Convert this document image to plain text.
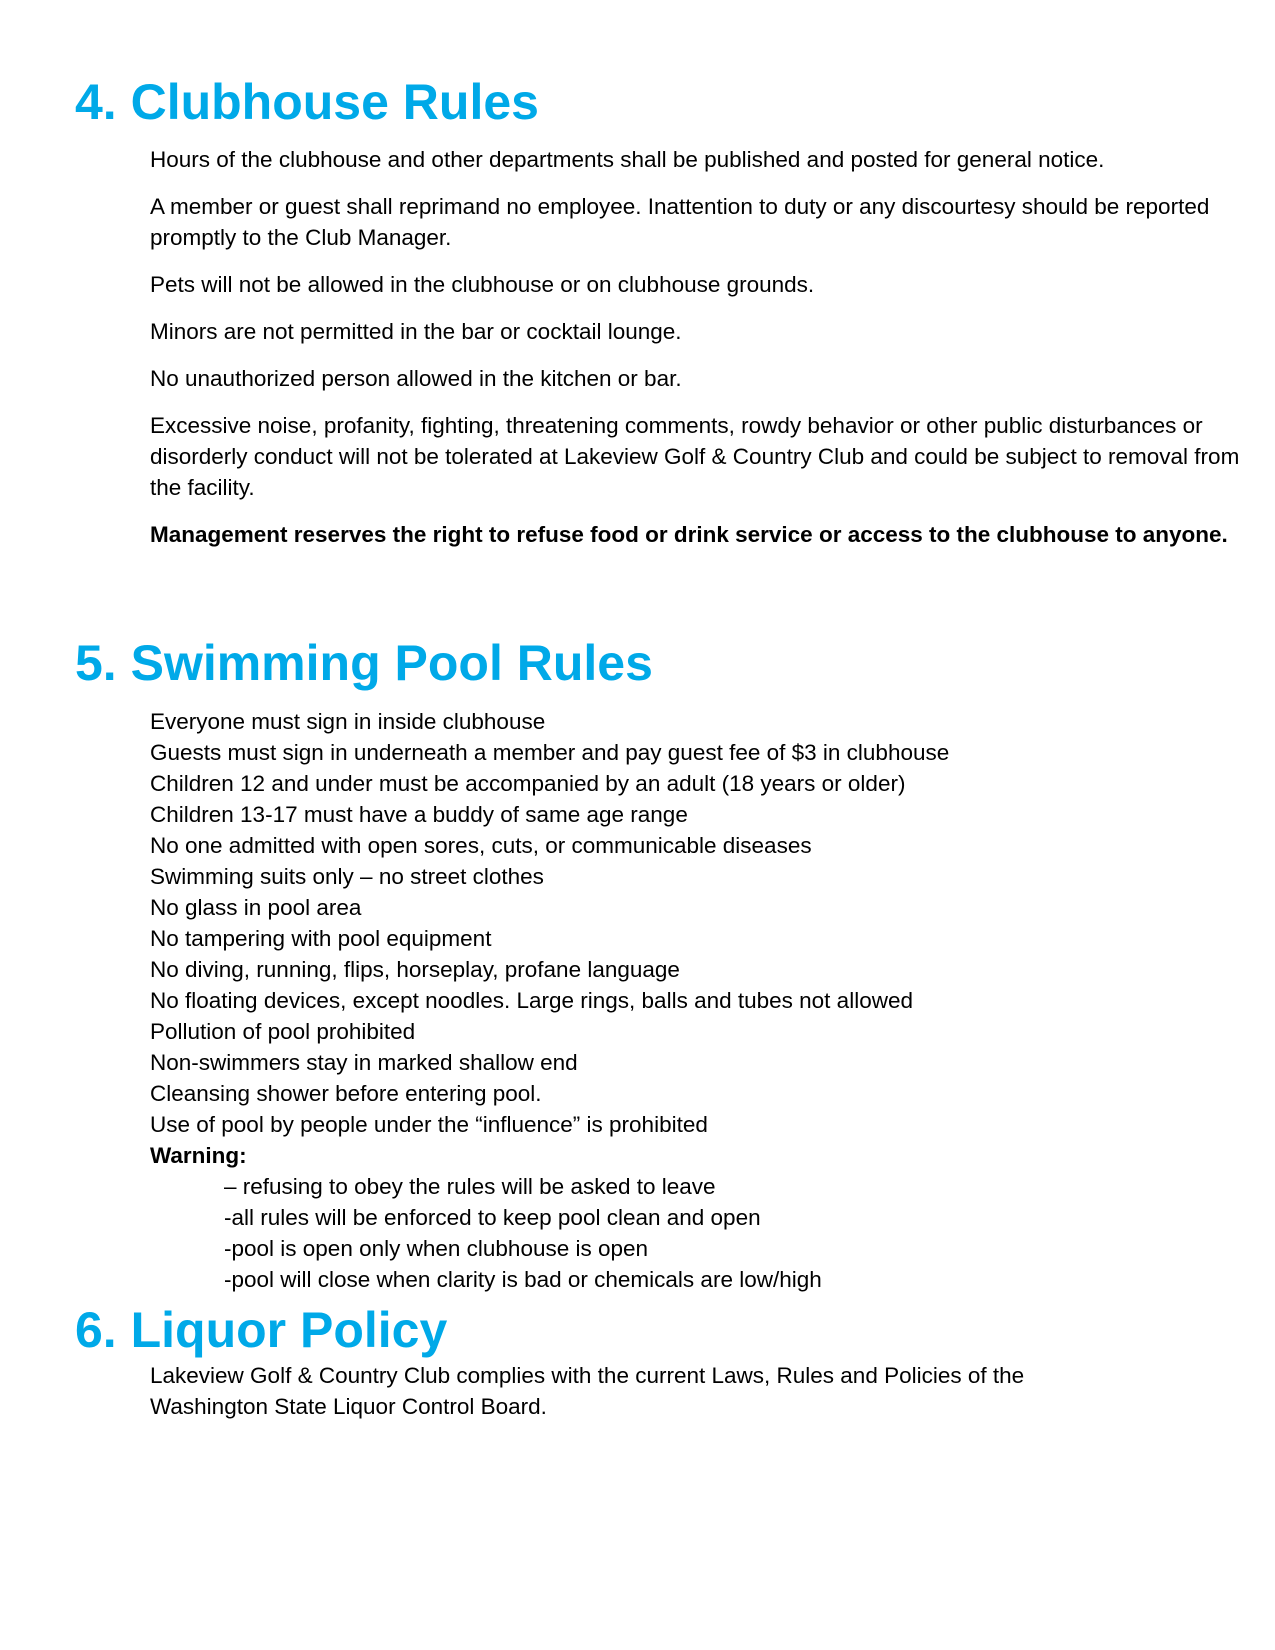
4. Clubhouse Rules

Hours of the clubhouse and other departments shall be published and posted for general notice.

A member or guest shall reprimand no employee. Inattention to duty or any discourtesy should be reported promptly to the Club Manager.

Pets will not be allowed in the clubhouse or on clubhouse grounds.

Minors are not permitted in the bar or cocktail lounge.

No unauthorized person allowed in the kitchen or bar.

Excessive noise, profanity, fighting, threatening comments, rowdy behavior or other public disturbances or disorderly conduct will not be tolerated at Lakeview Golf & Country Club and could be subject to removal from the facility.

Management reserves the right to refuse food or drink service or access to the clubhouse to anyone.

5. Swimming Pool Rules

Everyone must sign in inside clubhouse

Guests must sign in underneath a member and pay guest fee of $3 in clubhouse

Children 12 and under must be accompanied by an adult (18 years or older)

Children 13-17 must have a buddy of same age range

No one admitted with open sores, cuts, or communicable diseases

Swimming suits only – no street clothes

No glass in pool area

No tampering with pool equipment

No diving, running, flips, horseplay, profane language

No floating devices, except noodles. Large rings, balls and tubes not allowed

Pollution of pool prohibited

Non-swimmers stay in marked shallow end

Cleansing shower before entering pool.

Use of pool by people under the “influence” is prohibited

Warning:

– refusing to obey the rules will be asked to leave

-all rules will be enforced to keep pool clean and open

-pool is open only when clubhouse is open

-pool will close when clarity is bad or chemicals are low/high

6. Liquor Policy

Lakeview Golf & Country Club complies with the current Laws, Rules and Policies of the

Washington State Liquor Control Board.
